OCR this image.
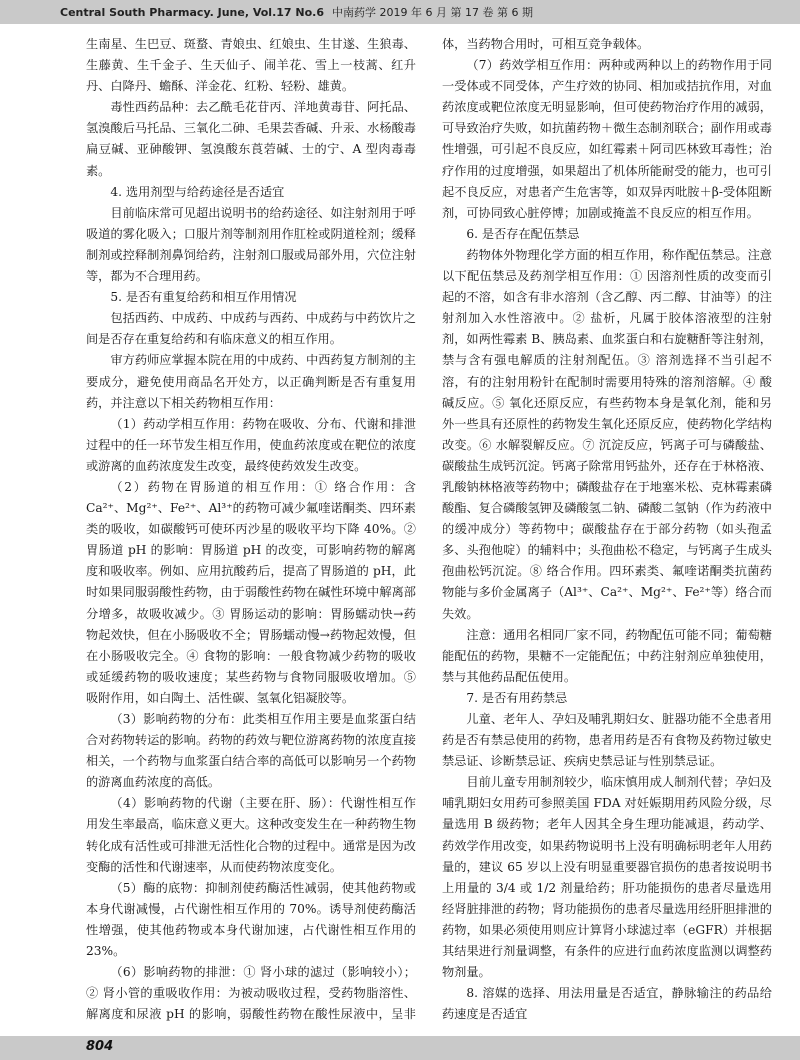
Central South Pharmacy. June, Vol.17 No.6 中南药学 2019 年 6 月 第 17 卷 第 6 期

生南星、生巴豆、斑蝥、青娘虫、红娘虫、生甘遂、生狼毒、生藤黄、生千金子、生天仙子、闹羊花、雪上一枝蒿、红升丹、白降丹、蟾酥、洋金花、红粉、轻粉、雄黄。

毒性西药品种：去乙酰毛花苷丙、洋地黄毒苷、阿托品、氢溴酸后马托品、三氧化二砷、毛果芸香碱、升汞、水杨酸毒扁豆碱、亚砷酸钾、氢溴酸东莨菪碱、士的宁、A 型肉毒毒素。

4. 选用剂型与给药途径是否适宜

目前临床常可见超出说明书的给药途径、如注射剂用于呼吸道的雾化吸入；口服片剂等制剂用作肛栓或阴道栓剂；缓释制剂或控释制剂鼻饲给药，注射剂口服或局部外用，穴位注射等，都为不合理用药。

5. 是否有重复给药和相互作用情况

包括西药、中成药、中成药与西药、中成药与中药饮片之间是否存在重复给药和有临床意义的相互作用。

审方药师应掌握本院在用的中成药、中西药复方制剂的主要成分，避免使用商品名开处方，以正确判断是否有重复用药，并注意以下相关药物相互作用：

（1）药动学相互作用：药物在吸收、分布、代谢和排泄过程中的任一环节发生相互作用，使血药浓度或在靶位的浓度或游离的血药浓度发生改变，最终使药效发生改变。

（2）药物在胃肠道的相互作用：① 络合作用：含 Ca²⁺、Mg²⁺、Fe²⁺、Al³⁺的药物可减少氟喹诺酮类、四环素类的吸收，如碳酸钙可使环丙沙星的吸收平均下降 40%。② 胃肠道 pH 的影响：胃肠道 pH 的改变，可影响药物的解离度和吸收率。例如、应用抗酸药后，提高了胃肠道的 pH，此时如果同服弱酸性药物，由于弱酸性药物在碱性环境中解离部分增多，故吸收减少。③ 胃肠运动的影响：胃肠蠕动快→药物起效快，但在小肠吸收不全；胃肠蠕动慢→药物起效慢，但在小肠吸收完全。④ 食物的影响：一般食物减少药物的吸收或延缓药物的吸收速度；某些药物与食物同服吸收增加。⑤ 吸附作用，如白陶土、活性碳、氢氧化铝凝胶等。

（3）影响药物的分布：此类相互作用主要是血浆蛋白结合对药物转运的影响。药物的药效与靶位游离药物的浓度直接相关，一个药物与血浆蛋白结合率的高低可以影响另一个药物的游离血药浓度的高低。

（4）影响药物的代谢（主要在肝、肠）：代谢性相互作用发生率最高，临床意义更大。这种改变发生在一种药物生物转化成有活性或可排泄无活性化合物的过程中。通常是因为改变酶的活性和代谢速率，从而使药物浓度变化。

（5）酶的底物：抑制剂使药酶活性减弱，使其他药物或本身代谢减慢，占代谢性相互作用的 70%。诱导剂使药酶活性增强，使其他药物或本身代谢加速，占代谢性相互作用的 23%。

（6）影响药物的排泄：① 肾小球的滤过（影响较小）；② 肾小管的重吸收作用：为被动吸收过程，受药物脂溶性、解离度和尿液 pH 的影响，弱酸性药物在酸性尿液中，呈非

体，当药物合用时，可相互竞争载体。

（7）药效学相互作用：两种或两种以上的药物作用于同一受体或不同受体，产生疗效的协同、相加或拮抗作用，对血药浓度或靶位浓度无明显影响，但可使药物治疗作用的减弱，可导致治疗失败，如抗菌药物＋微生态制剂联合；副作用或毒性增强，可引起不良反应，如红霉素＋阿司匹林致耳毒性；治疗作用的过度增强，如果超出了机体所能耐受的能力，也可引起不良反应，对患者产生危害等，如双异丙吡胺＋β-受体阻断剂，可协同致心脏停博；加剧或掩盖不良反应的相互作用。

6. 是否存在配伍禁忌

药物体外物理化学方面的相互作用，称作配伍禁忌。注意以下配伍禁忌及药剂学相互作用：① 因溶剂性质的改变而引起的不溶，如含有非水溶剂（含乙醇、丙二醇、甘油等）的注射剂加入水性溶液中。② 盐析，凡属于胶体溶液型的注射剂，如两性霉素 B、胰岛素、血浆蛋白和右旋糖酐等注射剂，禁与含有强电解质的注射剂配伍。③ 溶剂选择不当引起不溶，有的注射用粉针在配制时需要用特殊的溶剂溶解。④ 酸碱反应。⑤ 氧化还原反应，有些药物本身是氧化剂，能和另外一些具有还原性的药物发生氧化还原反应，使药物化学结构改变。⑥ 水解裂解反应。⑦ 沉淀反应，钙离子可与磷酸盐、碳酸盐生成钙沉淀。钙离子除常用钙盐外，还存在于林格液、乳酸钠林格液等药物中；磷酸盐存在于地塞米松、克林霉素磷酸酯、复合磷酸氢钾及磷酸氢二钠、磷酸二氢钠（作为药液中的缓冲成分）等药物中；碳酸盐存在于部分药物（如头孢孟多、头孢他啶）的辅料中；头孢曲松不稳定，与钙离子生成头孢曲松钙沉淀。⑧ 络合作用。四环素类、氟喹诺酮类抗菌药物能与多价金属离子（Al³⁺、Ca²⁺、Mg²⁺、Fe²⁺等）络合而失效。

注意：通用名相同厂家不同，药物配伍可能不同；葡萄糖能配伍的药物，果糖不一定能配伍；中药注射剂应单独使用，禁与其他药品配伍使用。

7. 是否有用药禁忌

儿童、老年人、孕妇及哺乳期妇女、脏器功能不全患者用药是否有禁忌使用的药物，患者用药是否有食物及药物过敏史禁忌证、诊断禁忌证、疾病史禁忌证与性别禁忌证。

目前儿童专用制剂较少，临床慎用成人制剂代替；孕妇及哺乳期妇女用药可参照美国 FDA 对妊娠期用药风险分级，尽量选用 B 级药物；老年人因其全身生理功能减退，药动学、药效学作用改变，如果药物说明书上没有明确标明老年人用药量的，建议 65 岁以上没有明显重要器官损伤的患者按说明书上用量的 3/4 或 1/2 剂量给药；肝功能损伤的患者尽量选用经肾脏排泄的药物；肾功能损伤的患者尽量选用经肝胆排泄的药物，如果必须使用则应计算肾小球滤过率（eGFR）并根据其结果进行剂量调整，有条件的应进行血药浓度监测以调整药物剂量。

8. 溶媒的选择、用法用量是否适宜，静脉输注的药品给药速度是否适宜

804
